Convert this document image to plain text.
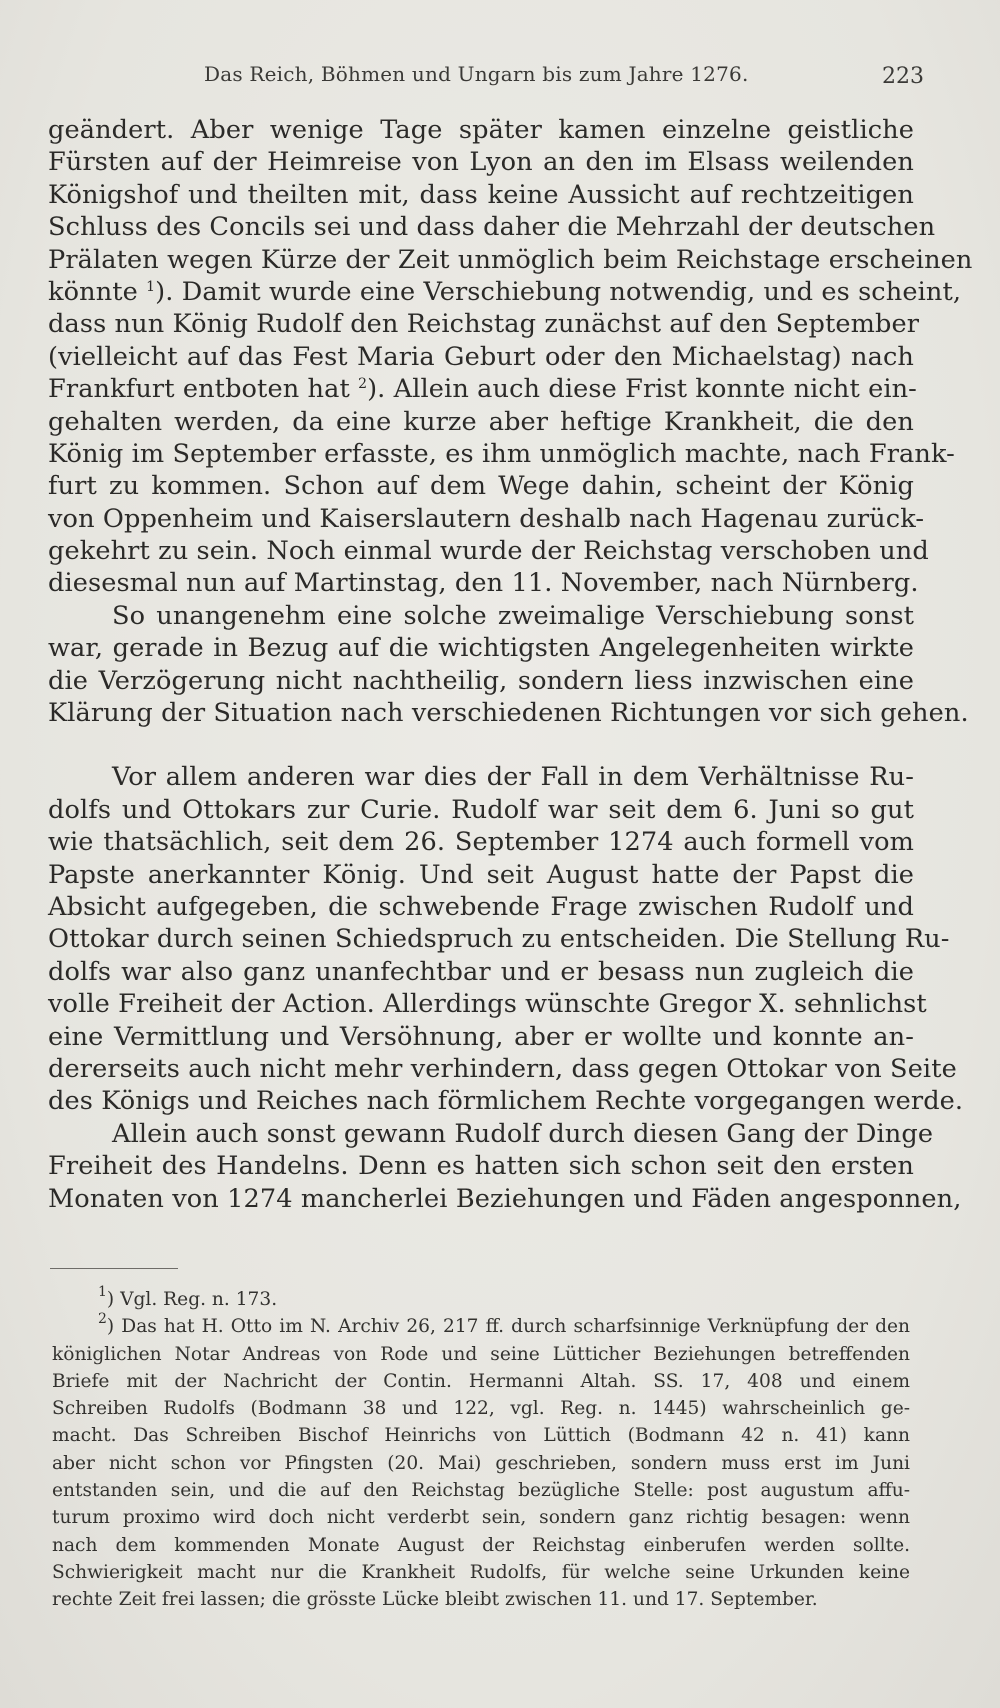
Das Reich, Böhmen und Ungarn bis zum Jahre 1276.	223
geändert. Aber wenige Tage später kamen einzelne geistliche
Fürsten auf der Heimreise von Lyon an den im Elsass weilenden
Königshof und theilten mit, dass keine Aussicht auf rechtzeitigen
Schluss des Concils sei und dass daher die Mehrzahl der deutschen
Prälaten wegen Kürze der Zeit unmöglich beim Reichstage erscheinen
könnte $^1$). Damit wurde eine Verschiebung notwendig, und es scheint,
dass nun König Rudolf den Reichstag zunächst auf den September
(vielleicht auf das Fest Maria Geburt oder den Michaelstag) nach
Frankfurt entboten hat $^2$). Allein auch diese Frist konnte nicht ein-
gehalten werden, da eine kurze aber heftige Krankheit, die den
König im September erfasste, es ihm unmöglich machte, nach Frank-
furt zu kommen. Schon auf dem Wege dahin, scheint der König
von Oppenheim und Kaiserslautern deshalb nach Hagenau zurück-
gekehrt zu sein. Noch einmal wurde der Reichstag verschoben und
diesesmal nun auf Martinstag, den 11. November, nach Nürnberg.
So unangenehm eine solche zweimalige Verschiebung sonst
war, gerade in Bezug auf die wichtigsten Angelegenheiten wirkte
die Verzögerung nicht nachtheilig, sondern liess inzwischen eine
Klärung der Situation nach verschiedenen Richtungen vor sich gehen.
Vor allem anderen war dies der Fall in dem Verhältnisse Ru-
dolfs und Ottokars zur Curie. Rudolf war seit dem 6. Juni so gut
wie thatsächlich, seit dem 26. September 1274 auch formell vom
Papste anerkannter König. Und seit August hatte der Papst die
Absicht aufgegeben, die schwebende Frage zwischen Rudolf und
Ottokar durch seinen Schiedspruch zu entscheiden. Die Stellung Ru-
dolfs war also ganz unanfechtbar und er besass nun zugleich die
volle Freiheit der Action. Allerdings wünschte Gregor X. sehnlichst
eine Vermittlung und Versöhnung, aber er wollte und konnte an-
dererseits auch nicht mehr verhindern, dass gegen Ottokar von Seite
des Königs und Reiches nach förmlichem Rechte vorgegangen werde.
Allein auch sonst gewann Rudolf durch diesen Gang der Dinge
Freiheit des Handelns. Denn es hatten sich schon seit den ersten
Monaten von 1274 mancherlei Beziehungen und Fäden angesponnen,
$^1$) Vgl. Reg. n. 173.
$^2$) Das hat H. Otto im N. Archiv 26, 217 ff. durch scharfsinnige Verknüpfung der den
königlichen Notar Andreas von Rode und seine Lütticher Beziehungen betreffenden
Briefe mit der Nachricht der Contin. Hermanni Altah. SS. 17, 408 und einem
Schreiben Rudolfs (Bodmann 38 und 122, vgl. Reg. n. 1445) wahrscheinlich ge-
macht. Das Schreiben Bischof Heinrichs von Lüttich (Bodmann 42 n. 41) kann
aber nicht schon vor Pfingsten (20. Mai) geschrieben, sondern muss erst im Juni
entstanden sein, und die auf den Reichstag bezügliche Stelle: post augustum affu-
turum proximo wird doch nicht verderbt sein, sondern ganz richtig besagen: wenn
nach dem kommenden Monate August der Reichstag einberufen werden sollte.
Schwierigkeit macht nur die Krankheit Rudolfs, für welche seine Urkunden keine
rechte Zeit frei lassen; die grösste Lücke bleibt zwischen 11. und 17. September.
